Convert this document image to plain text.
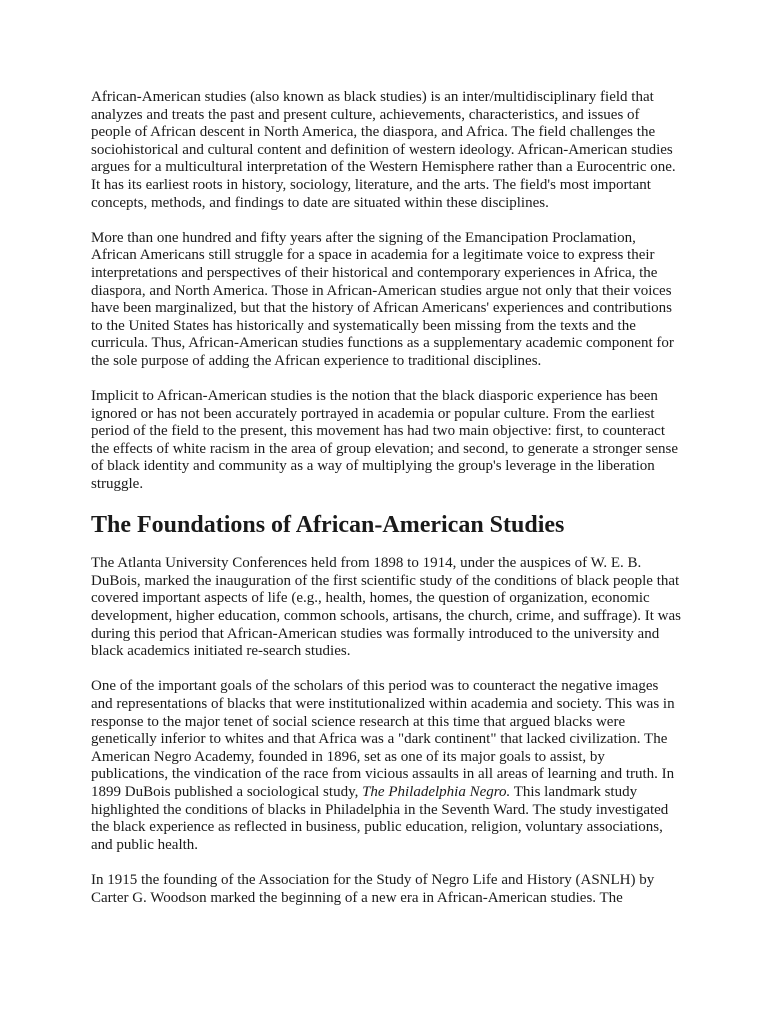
African-American studies (also known as black studies) is an inter/multidisciplinary field that analyzes and treats the past and present culture, achievements, characteristics, and issues of people of African descent in North America, the diaspora, and Africa. The field challenges the sociohistorical and cultural content and definition of western ideology. African-American studies argues for a multicultural interpretation of the Western Hemisphere rather than a Eurocentric one. It has its earliest roots in history, sociology, literature, and the arts. The field's most important concepts, methods, and findings to date are situated within these disciplines.

More than one hundred and fifty years after the signing of the Emancipation Proclamation, African Americans still struggle for a space in academia for a legitimate voice to express their interpretations and perspectives of their historical and contemporary experiences in Africa, the diaspora, and North America. Those in African-American studies argue not only that their voices have been marginalized, but that the history of African Americans' experiences and contributions to the United States has historically and systematically been missing from the texts and the curricula. Thus, African-American studies functions as a supplementary academic component for the sole purpose of adding the African experience to traditional disciplines.

Implicit to African-American studies is the notion that the black diasporic experience has been ignored or has not been accurately portrayed in academia or popular culture. From the earliest period of the field to the present, this movement has had two main objective: first, to counteract the effects of white racism in the area of group elevation; and second, to generate a stronger sense of black identity and community as a way of multiplying the group's leverage in the liberation struggle.

The Foundations of African-American Studies

The Atlanta University Conferences held from 1898 to 1914, under the auspices of W. E. B. DuBois, marked the inauguration of the first scientific study of the conditions of black people that covered important aspects of life (e.g., health, homes, the question of organization, economic development, higher education, common schools, artisans, the church, crime, and suffrage). It was during this period that African-American studies was formally introduced to the university and black academics initiated re-search studies.

One of the important goals of the scholars of this period was to counteract the negative images and representations of blacks that were institutionalized within academia and society. This was in response to the major tenet of social science research at this time that argued blacks were genetically inferior to whites and that Africa was a "dark continent" that lacked civilization. The American Negro Academy, founded in 1896, set as one of its major goals to assist, by publications, the vindication of the race from vicious assaults in all areas of learning and truth. In 1899 DuBois published a sociological study, The Philadelphia Negro. This landmark study highlighted the conditions of blacks in Philadelphia in the Seventh Ward. The study investigated the black experience as reflected in business, public education, religion, voluntary associations, and public health.

In 1915 the founding of the Association for the Study of Negro Life and History (ASNLH) by Carter G. Woodson marked the beginning of a new era in African-American studies. The
